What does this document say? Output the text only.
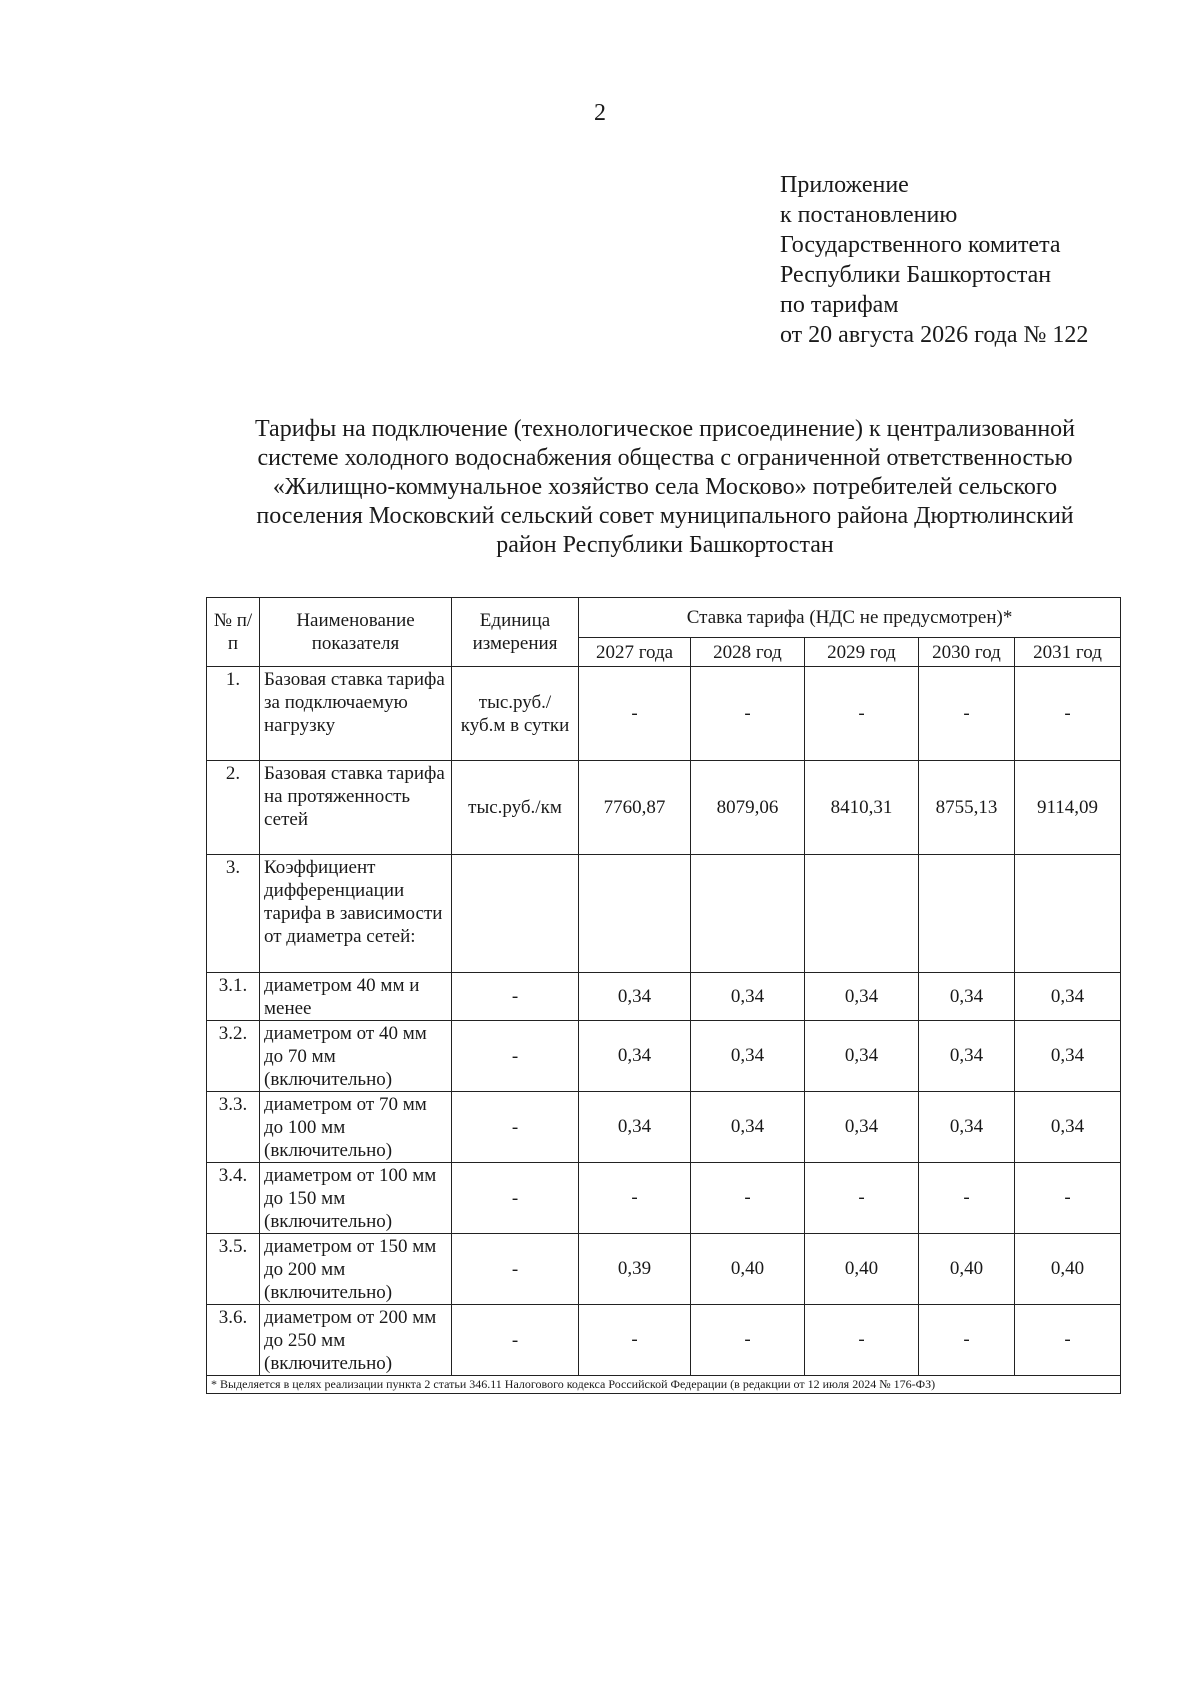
2
Приложение
к постановлению
Государственного комитета
Республики Башкортостан
по тарифам
от 20 августа 2026 года № 122
Тарифы на подключение (технологическое присоединение) к централизованной
системе холодного водоснабжения общества с ограниченной ответственностью
«Жилищно-коммунальное хозяйство села Москово» потребителей сельского
поселения Московский сельский совет муниципального района Дюртюлинский
район Республики Башкортостан
№ п/п	Наименование показателя	Единица измерения	Ставка тарифа (НДС не предусмотрен)*				
			2027 года	2028 год	2029 год	2030 год	2031 год
1.	Базовая ставка тарифа за подключаемую нагрузку	тыс.руб./ куб.м в сутки	-	-	-	-	-
2.	Базовая ставка тарифа на протяженность сетей	тыс.руб./км	7760,87	8079,06	8410,31	8755,13	9114,09
3.	Коэффициент дифференциации тарифа в зависимости от диаметра сетей:						
3.1.	диаметром 40 мм и менее	-	0,34	0,34	0,34	0,34	0,34
3.2.	диаметром от 40 мм до 70 мм (включительно)	-	0,34	0,34	0,34	0,34	0,34
3.3.	диаметром от 70 мм до 100 мм (включительно)	-	0,34	0,34	0,34	0,34	0,34
3.4.	диаметром от 100 мм до 150 мм (включительно)	-	-	-	-	-	-
3.5.	диаметром от 150 мм до 200 мм (включительно)	-	0,39	0,40	0,40	0,40	0,40
3.6.	диаметром от 200 мм до 250 мм (включительно)	-	-	-	-	-	-
* Выделяется в целях реализации пункта 2 статьи 346.11 Налогового кодекса Российской Федерации (в редакции от 12 июля 2024 № 176-ФЗ)							
